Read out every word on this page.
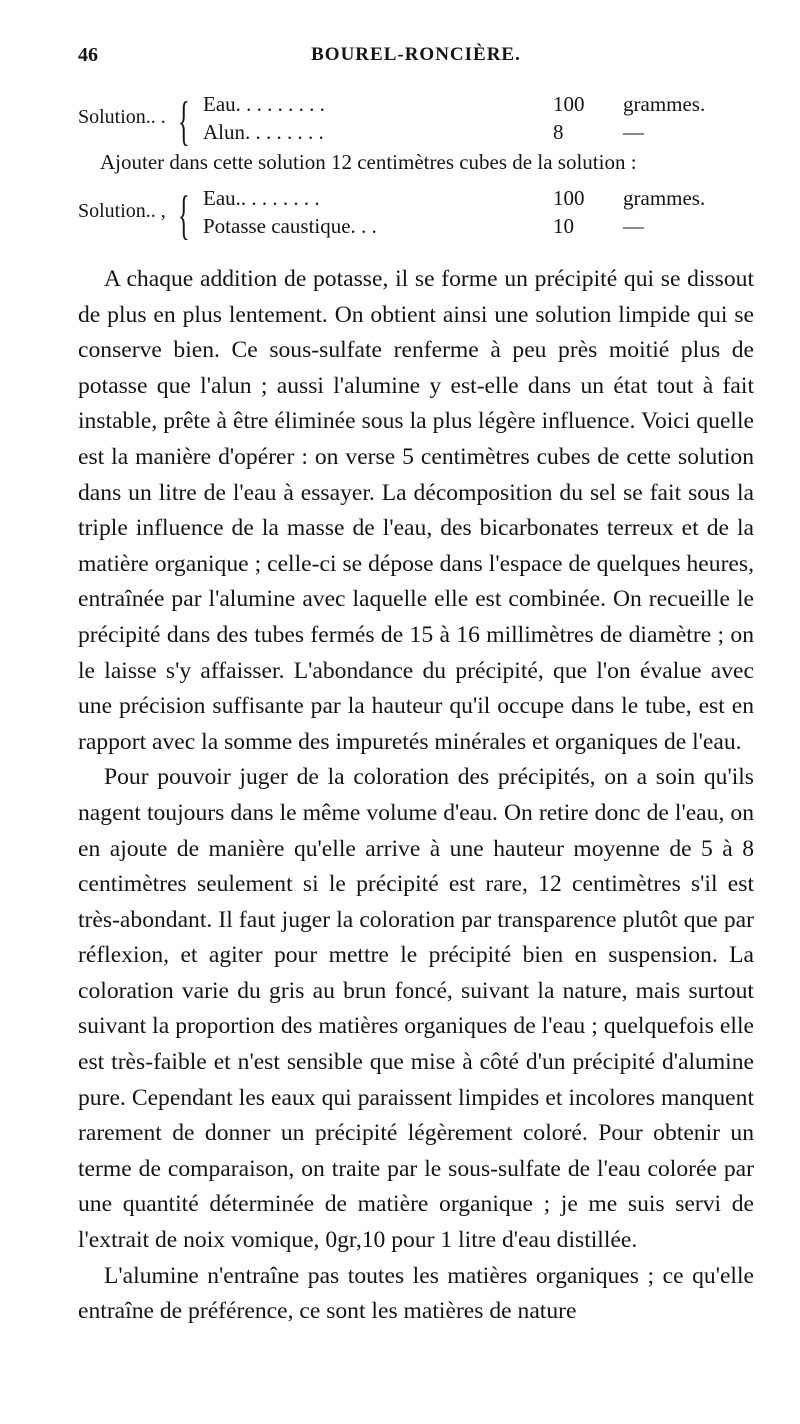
46	BOUREL-RONCIÈRE.
Solution.. . { Eau. . . . . . . . .	100 grammes.
Alun. . . . . . . .	8	—
Ajouter dans cette solution 12 centimètres cubes de la solution :
Solution.. , { Eau.. . . . . . . .	100 grammes.
Potasse caustique. . .	10 —

A chaque addition de potasse, il se forme un précipité qui se dissout de plus en plus lentement. On obtient ainsi une solution limpide qui se conserve bien. Ce sous-sulfate renferme à peu près moitié plus de potasse que l'alun ; aussi l'alumine y est-elle dans un état tout à fait instable, prête à être éliminée sous la plus légère influence. Voici quelle est la manière d'opérer : on verse 5 centimètres cubes de cette solution dans un litre de l'eau à essayer. La décomposition du sel se fait sous la triple influence de la masse de l'eau, des bicarbonates terreux et de la matière organique ; celle-ci se dépose dans l'espace de quelques heures, entraînée par l'alumine avec laquelle elle est combinée. On recueille le précipité dans des tubes fermés de 15 à 16 millimètres de diamètre ; on le laisse s'y affaisser. L'abondance du précipité, que l'on évalue avec une précision suffisante par la hauteur qu'il occupe dans le tube, est en rapport avec la somme des impuretés minérales et organiques de l'eau.

Pour pouvoir juger de la coloration des précipités, on a soin qu'ils nagent toujours dans le même volume d'eau. On retire donc de l'eau, on en ajoute de manière qu'elle arrive à une hauteur moyenne de 5 à 8 centimètres seulement si le précipité est rare, 12 centimètres s'il est très-abondant. Il faut juger la coloration par transparence plutôt que par réflexion, et agiter pour mettre le précipité bien en suspension. La coloration varie du gris au brun foncé, suivant la nature, mais surtout suivant la proportion des matières organiques de l'eau ; quelquefois elle est très-faible et n'est sensible que mise à côté d'un précipité d'alumine pure. Cependant les eaux qui paraissent limpides et incolores manquent rarement de donner un précipité légèrement coloré. Pour obtenir un terme de comparaison, on traite par le sous-sulfate de l'eau colorée par une quantité déterminée de matière organique ; je me suis servi de l'extrait de noix vomique, 0gr,10 pour 1 litre d'eau distillée.

L'alumine n'entraîne pas toutes les matières organiques ; ce qu'elle entraîne de préférence, ce sont les matières de nature
